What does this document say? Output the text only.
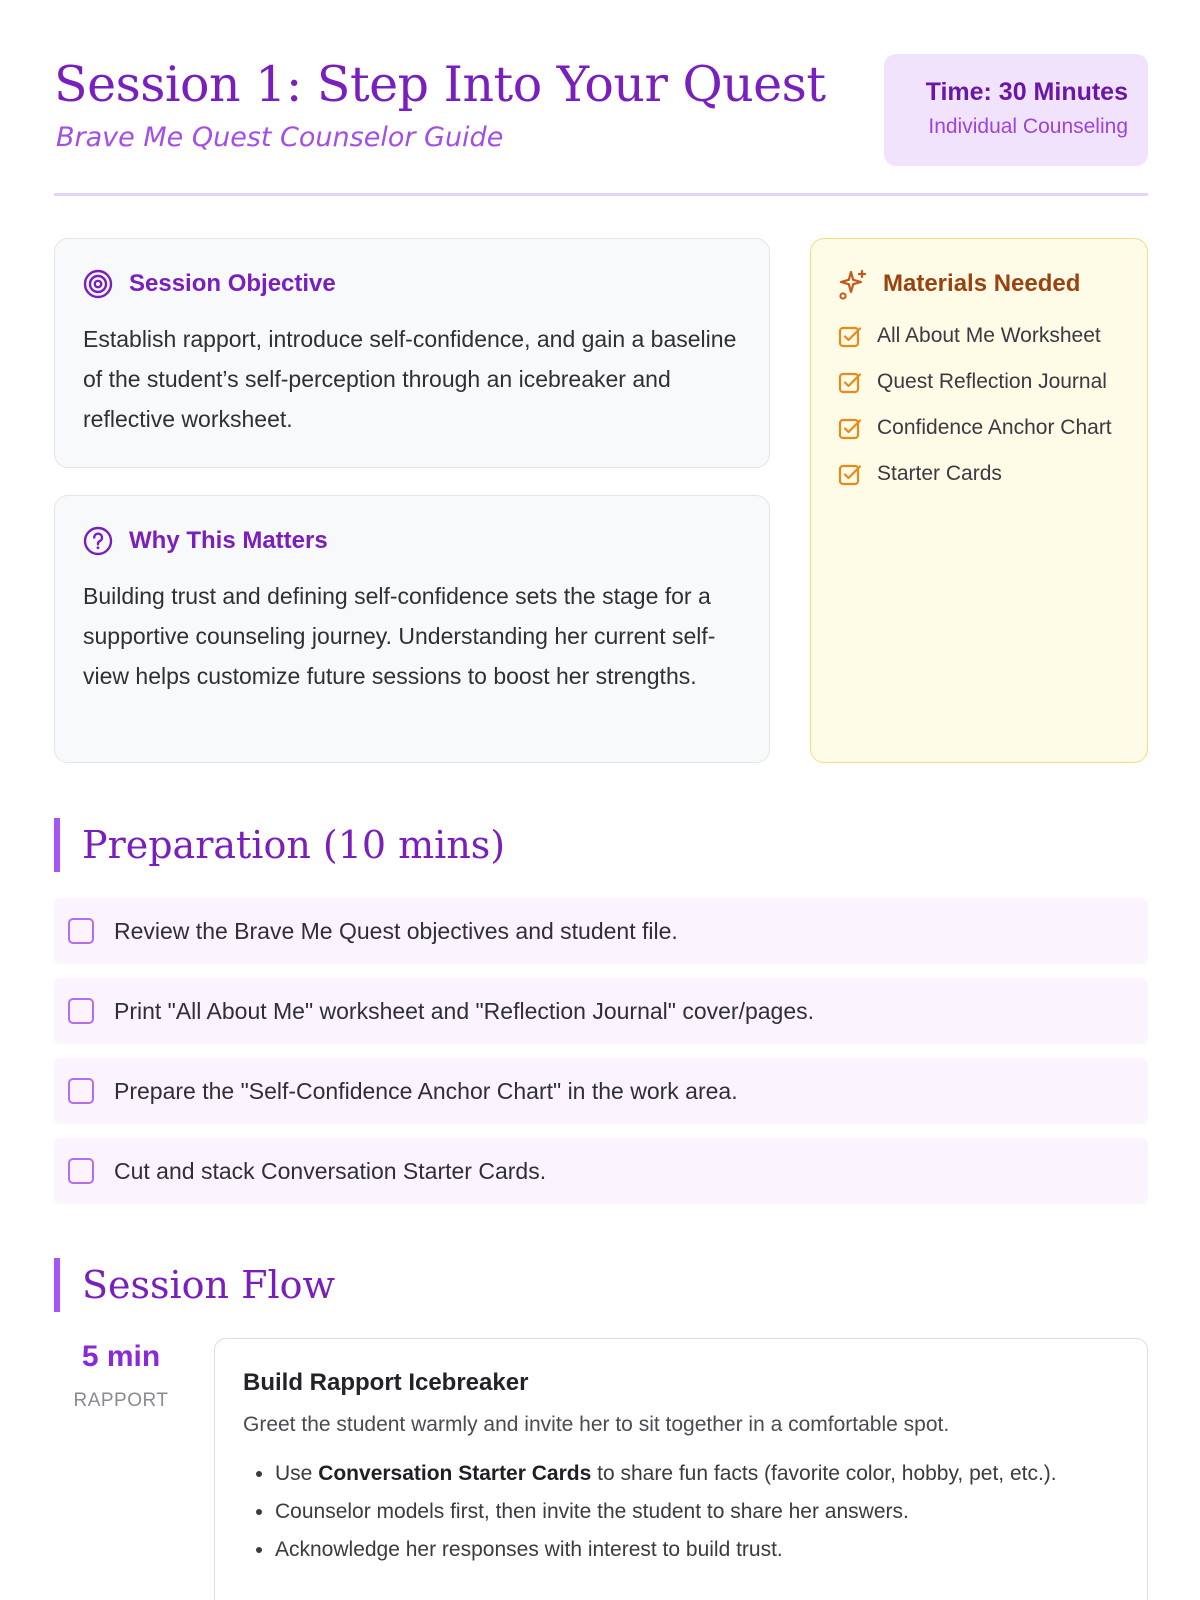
Session 1: Step Into Your Quest
Brave Me Quest Counselor Guide
Time: 30 Minutes
Individual Counseling
Session Objective
Establish rapport, introduce self-confidence, and gain a baseline of the student’s self-perception through an icebreaker and reflective worksheet.
Why This Matters
Building trust and defining self-confidence sets the stage for a supportive counseling journey. Understanding her current self-view helps customize future sessions to boost her strengths.
Materials Needed
All About Me Worksheet
Quest Reflection Journal
Confidence Anchor Chart
Starter Cards
Preparation (10 mins)
Review the Brave Me Quest objectives and student file.
Print "All About Me" worksheet and "Reflection Journal" cover/pages.
Prepare the "Self-Confidence Anchor Chart" in the work area.
Cut and stack Conversation Starter Cards.
Session Flow
5 min
RAPPORT
Build Rapport Icebreaker
Greet the student warmly and invite her to sit together in a comfortable spot.
• Use Conversation Starter Cards to share fun facts (favorite color, hobby, pet, etc.).
• Counselor models first, then invite the student to share her answers.
• Acknowledge her responses with interest to build trust.
